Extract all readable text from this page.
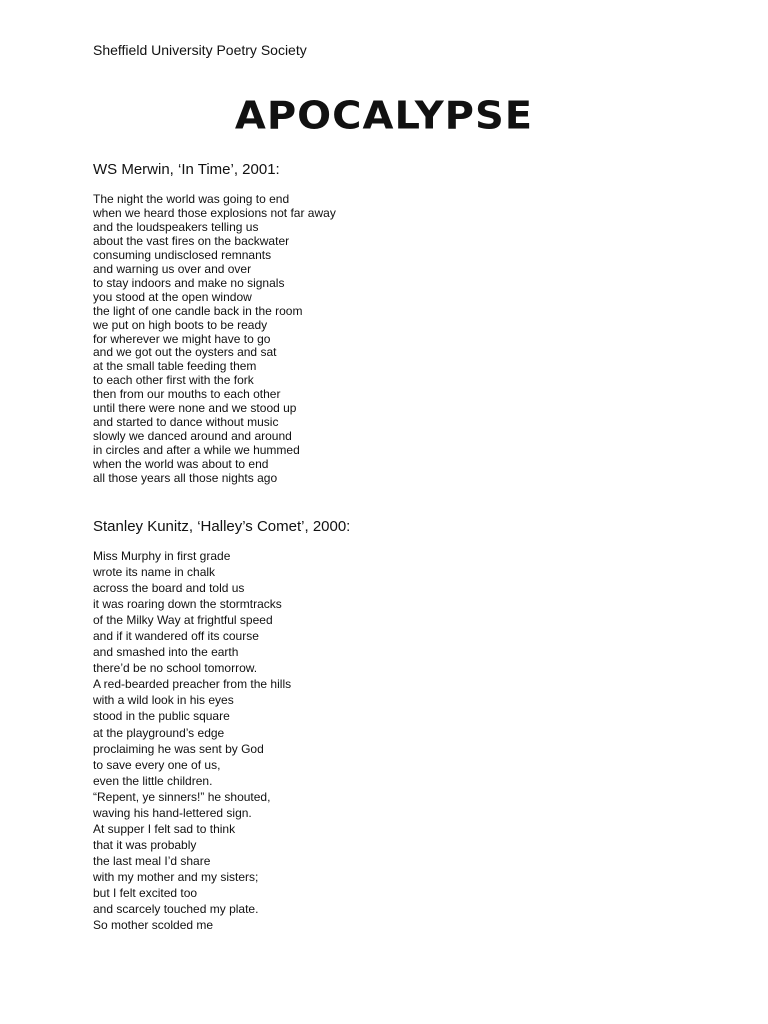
Sheffield University Poetry Society
APOCALYPSE
WS Merwin, ‘In Time’, 2001:
The night the world was going to end
when we heard those explosions not far away
and the loudspeakers telling us
about the vast fires on the backwater
consuming undisclosed remnants
and warning us over and over
to stay indoors and make no signals
you stood at the open window
the light of one candle back in the room
we put on high boots to be ready
for wherever we might have to go
and we got out the oysters and sat
at the small table feeding them
to each other first with the fork
then from our mouths to each other
until there were none and we stood up
and started to dance without music
slowly we danced around and around
in circles and after a while we hummed
when the world was about to end
all those years all those nights ago
Stanley Kunitz, ‘Halley’s Comet’, 2000:
Miss Murphy in first grade
wrote its name in chalk
across the board and told us
it was roaring down the stormtracks
of the Milky Way at frightful speed
and if it wandered off its course
and smashed into the earth
there’d be no school tomorrow.
A red-bearded preacher from the hills
with a wild look in his eyes
stood in the public square
at the playground’s edge
proclaiming he was sent by God
to save every one of us,
even the little children.
“Repent, ye sinners!” he shouted,
waving his hand-lettered sign.
At supper I felt sad to think
that it was probably
the last meal I’d share
with my mother and my sisters;
but I felt excited too
and scarcely touched my plate.
So mother scolded me
